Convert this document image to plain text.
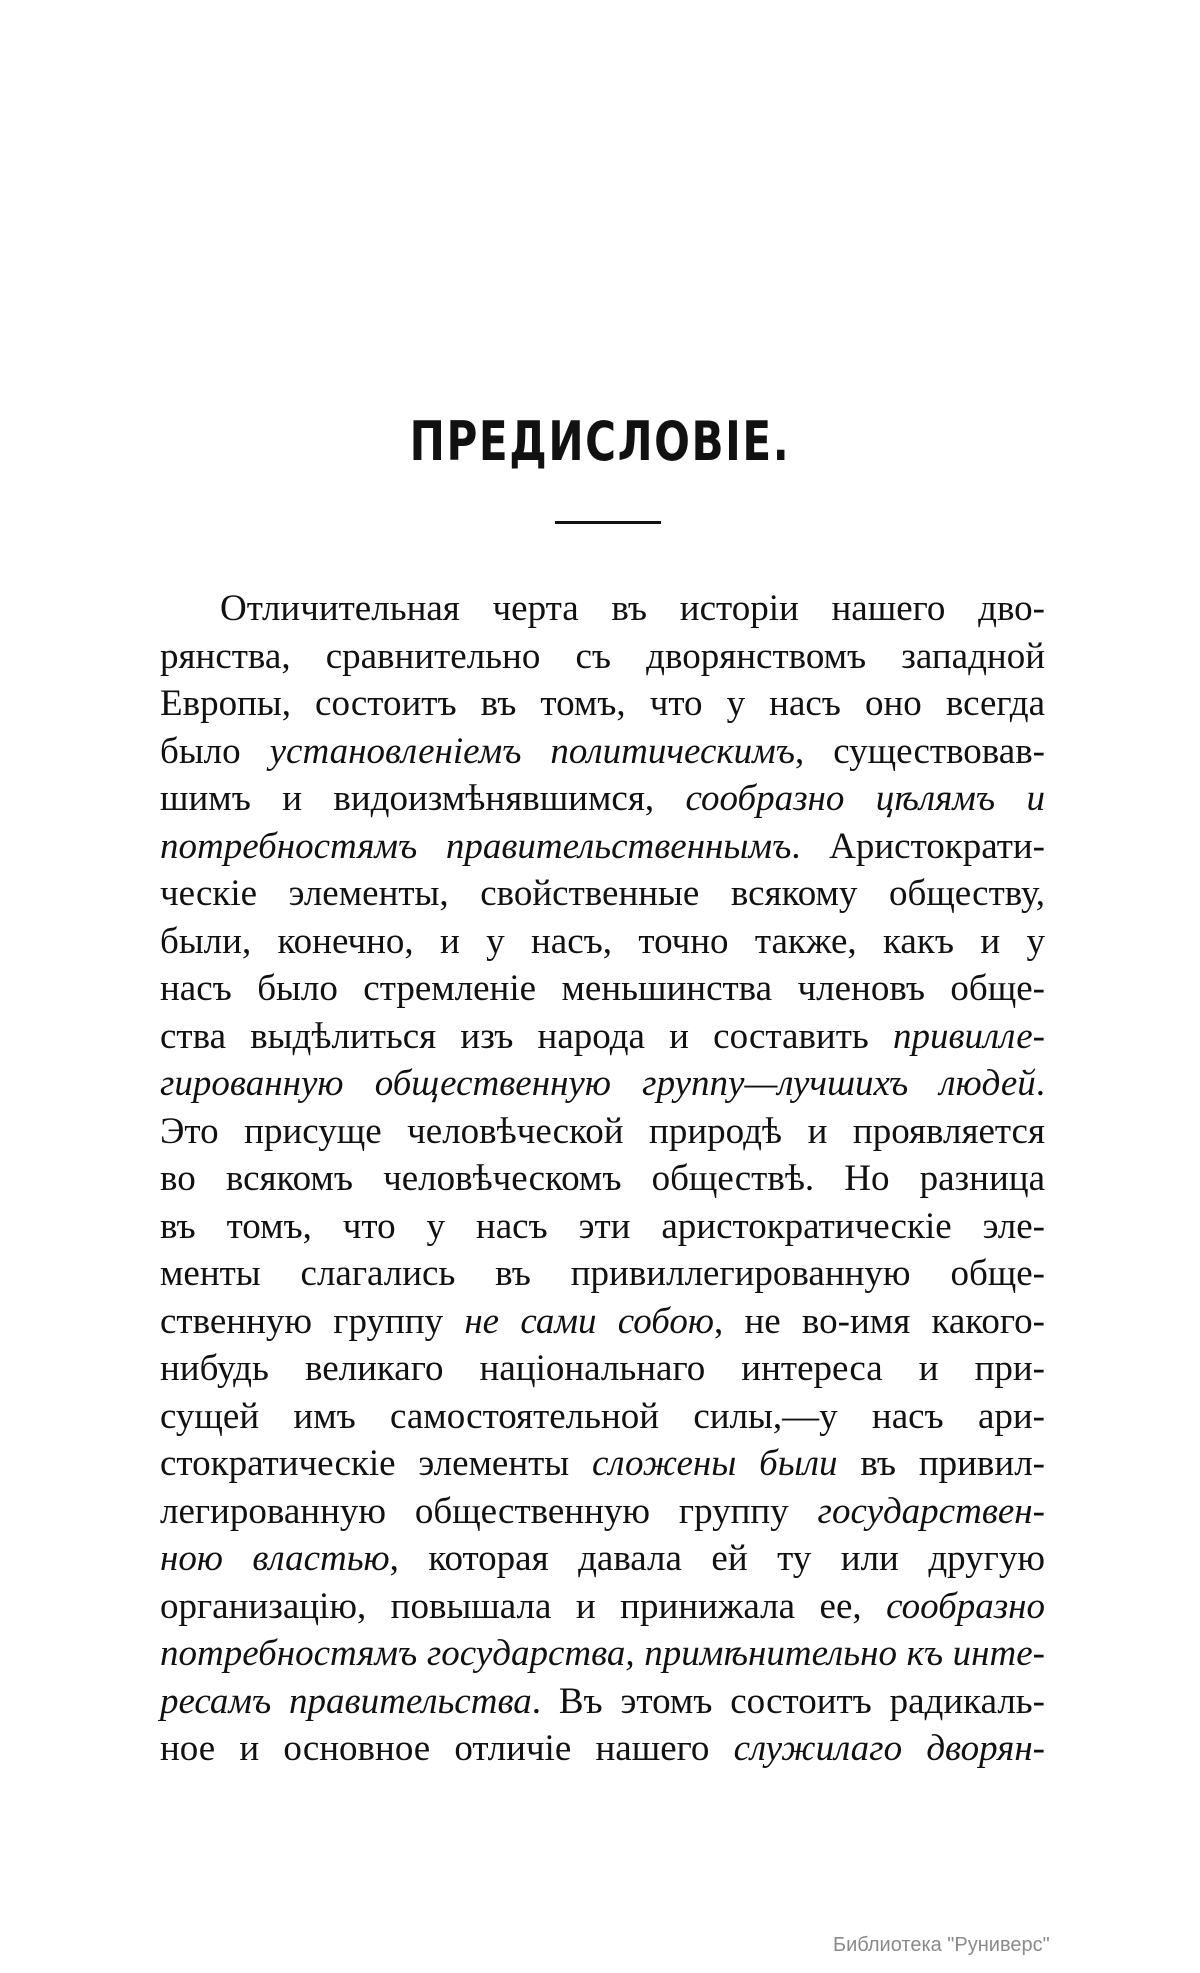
ПРЕДИСЛОВІЕ.
Отличительная черта въ исторіи нашего дво-
рянства, сравнительно съ дворянствомъ западной
Европы, состоитъ въ томъ, что у насъ оно всегда
было установленіемъ политическимъ, существовав-
шимъ и видоизмѣнявшимся, сообразно цѣлямъ и
потребностямъ правительственнымъ. Аристократи-
ческіе элементы, свойственные всякому обществу,
были, конечно, и у насъ, точно также, какъ и у
насъ было стремленіе меньшинства членовъ обще-
ства выдѣлиться изъ народа и составить привилле-
гированную общественную группу—лучшихъ людей.
Это присуще человѣческой природѣ и проявляется
во всякомъ человѣческомъ обществѣ. Но разница
въ томъ, что у насъ эти аристократическіе эле-
менты слагались въ привиллегированную обще-
ственную группу не сами собою, не во-имя какого-
нибудь великаго національнаго интереса и при-
сущей имъ самостоятельной силы,—у насъ ари-
стократическіе элементы сложены были въ привил-
легированную общественную группу государствен-
ною властью, которая давала ей ту или другую
организацію, повышала и принижала ее, сообразно
потребностямъ государства, примѣнительно къ инте-
ресамъ правительства. Въ этомъ состоитъ радикаль-
ное и основное отличіе нашего служилаго дворян-
Библиотека "Руниверс"
